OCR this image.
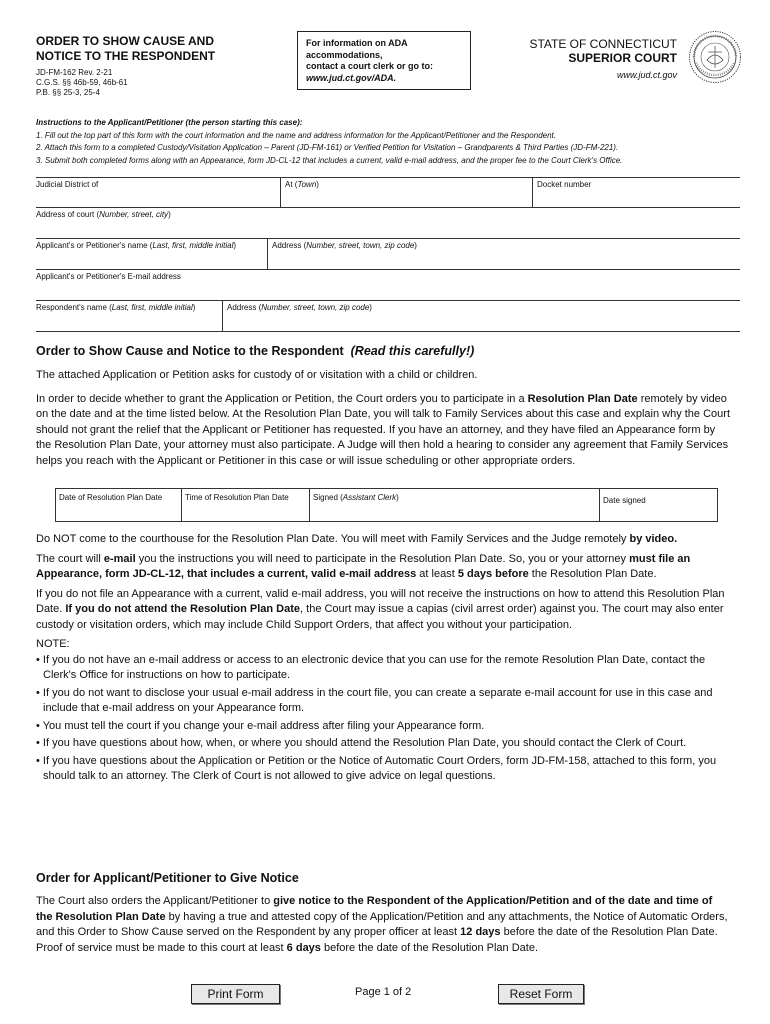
ORDER TO SHOW CAUSE AND
NOTICE TO THE RESPONDENT
JD-FM-162 Rev. 2-21
C.G.S. §§ 46b-59, 46b-61
P.B. §§ 25-3, 25-4
For information on ADA
accommodations,
contact a court clerk or go to:
www.jud.ct.gov/ADA.
STATE OF CONNECTICUT
SUPERIOR COURT
www.jud.ct.gov
Instructions to the Applicant/Petitioner (the person starting this case):
1. Fill out the top part of this form with the court information and the name and address information for the Applicant/Petitioner and the Respondent.
2. Attach this form to a completed Custody/Visitation Application – Parent (JD-FM-161) or Verified Petition for Visitation – Grandparents & Third Parties (JD-FM-221).
3. Submit both completed forms along with an Appearance, form JD-CL-12 that includes a current, valid e-mail address, and the proper fee to the Court Clerk's Office.
Judicial District of	At (Town)	Docket number
Address of court (Number, street, city)
Applicant's or Petitioner's name (Last, first, middle initial)	Address (Number, street, town, zip code)
Applicant's or Petitioner's E-mail address
Respondent's name (Last, first, middle initial)	Address (Number, street, town, zip code)
Order to Show Cause and Notice to the Respondent (Read this carefully!)

The attached Application or Petition asks for custody of or visitation with a child or children.

In order to decide whether to grant the Application or Petition, the Court orders you to participate in a Resolution Plan Date remotely by video on the date and at the time listed below. At the Resolution Plan Date, you will talk to Family Services about this case and explain why the Court should not grant the relief that the Applicant or Petitioner has requested. If you have an attorney, and they have filed an Appearance form by the Resolution Plan Date, your attorney must also participate. A Judge will then hold a hearing to consider any agreement that Family Services helps you reach with the Applicant or Petitioner in this case or will issue scheduling or other appropriate orders.

Date of Resolution Plan Date	Time of Resolution Plan Date	Signed (Assistant Clerk)	Date signed

Do NOT come to the courthouse for the Resolution Plan Date. You will meet with Family Services and the Judge remotely by video.

The court will e-mail you the instructions you will need to participate in the Resolution Plan Date. So, you or your attorney must file an Appearance, form JD-CL-12, that includes a current, valid e-mail address at least 5 days before the Resolution Plan Date.

If you do not file an Appearance with a current, valid e-mail address, you will not receive the instructions on how to attend this Resolution Plan Date. If you do not attend the Resolution Plan Date, the Court may issue a capias (civil arrest order) against you. The court may also enter custody or visitation orders, which may include Child Support Orders, that affect you without your participation.

NOTE:

• If you do not have an e-mail address or access to an electronic device that you can use for the remote Resolution Plan Date, contact the Clerk's Office for instructions on how to participate.
• If you do not want to disclose your usual e-mail address in the court file, you can create a separate e-mail account for use in this case and include that e-mail address on your Appearance form.
• You must tell the court if you change your e-mail address after filing your Appearance form.
• If you have questions about how, when, or where you should attend the Resolution Plan Date, you should contact the Clerk of Court.
• If you have questions about the Application or Petition or the Notice of Automatic Court Orders, form JD-FM-158, attached to this form, you should talk to an attorney. The Clerk of Court is not allowed to give advice on legal questions.
Order for Applicant/Petitioner to Give Notice

The Court also orders the Applicant/Petitioner to give notice to the Respondent of the Application/Petition and of the date and time of the Resolution Plan Date by having a true and attested copy of the Application/Petition and any attachments, the Notice of Automatic Orders, and this Order to Show Cause served on the Respondent by any proper officer at least 12 days before the date of the Resolution Plan Date. Proof of service must be made to this court at least 6 days before the date of the Resolution Plan Date.

Print Form	Page 1 of 2	Reset Form
